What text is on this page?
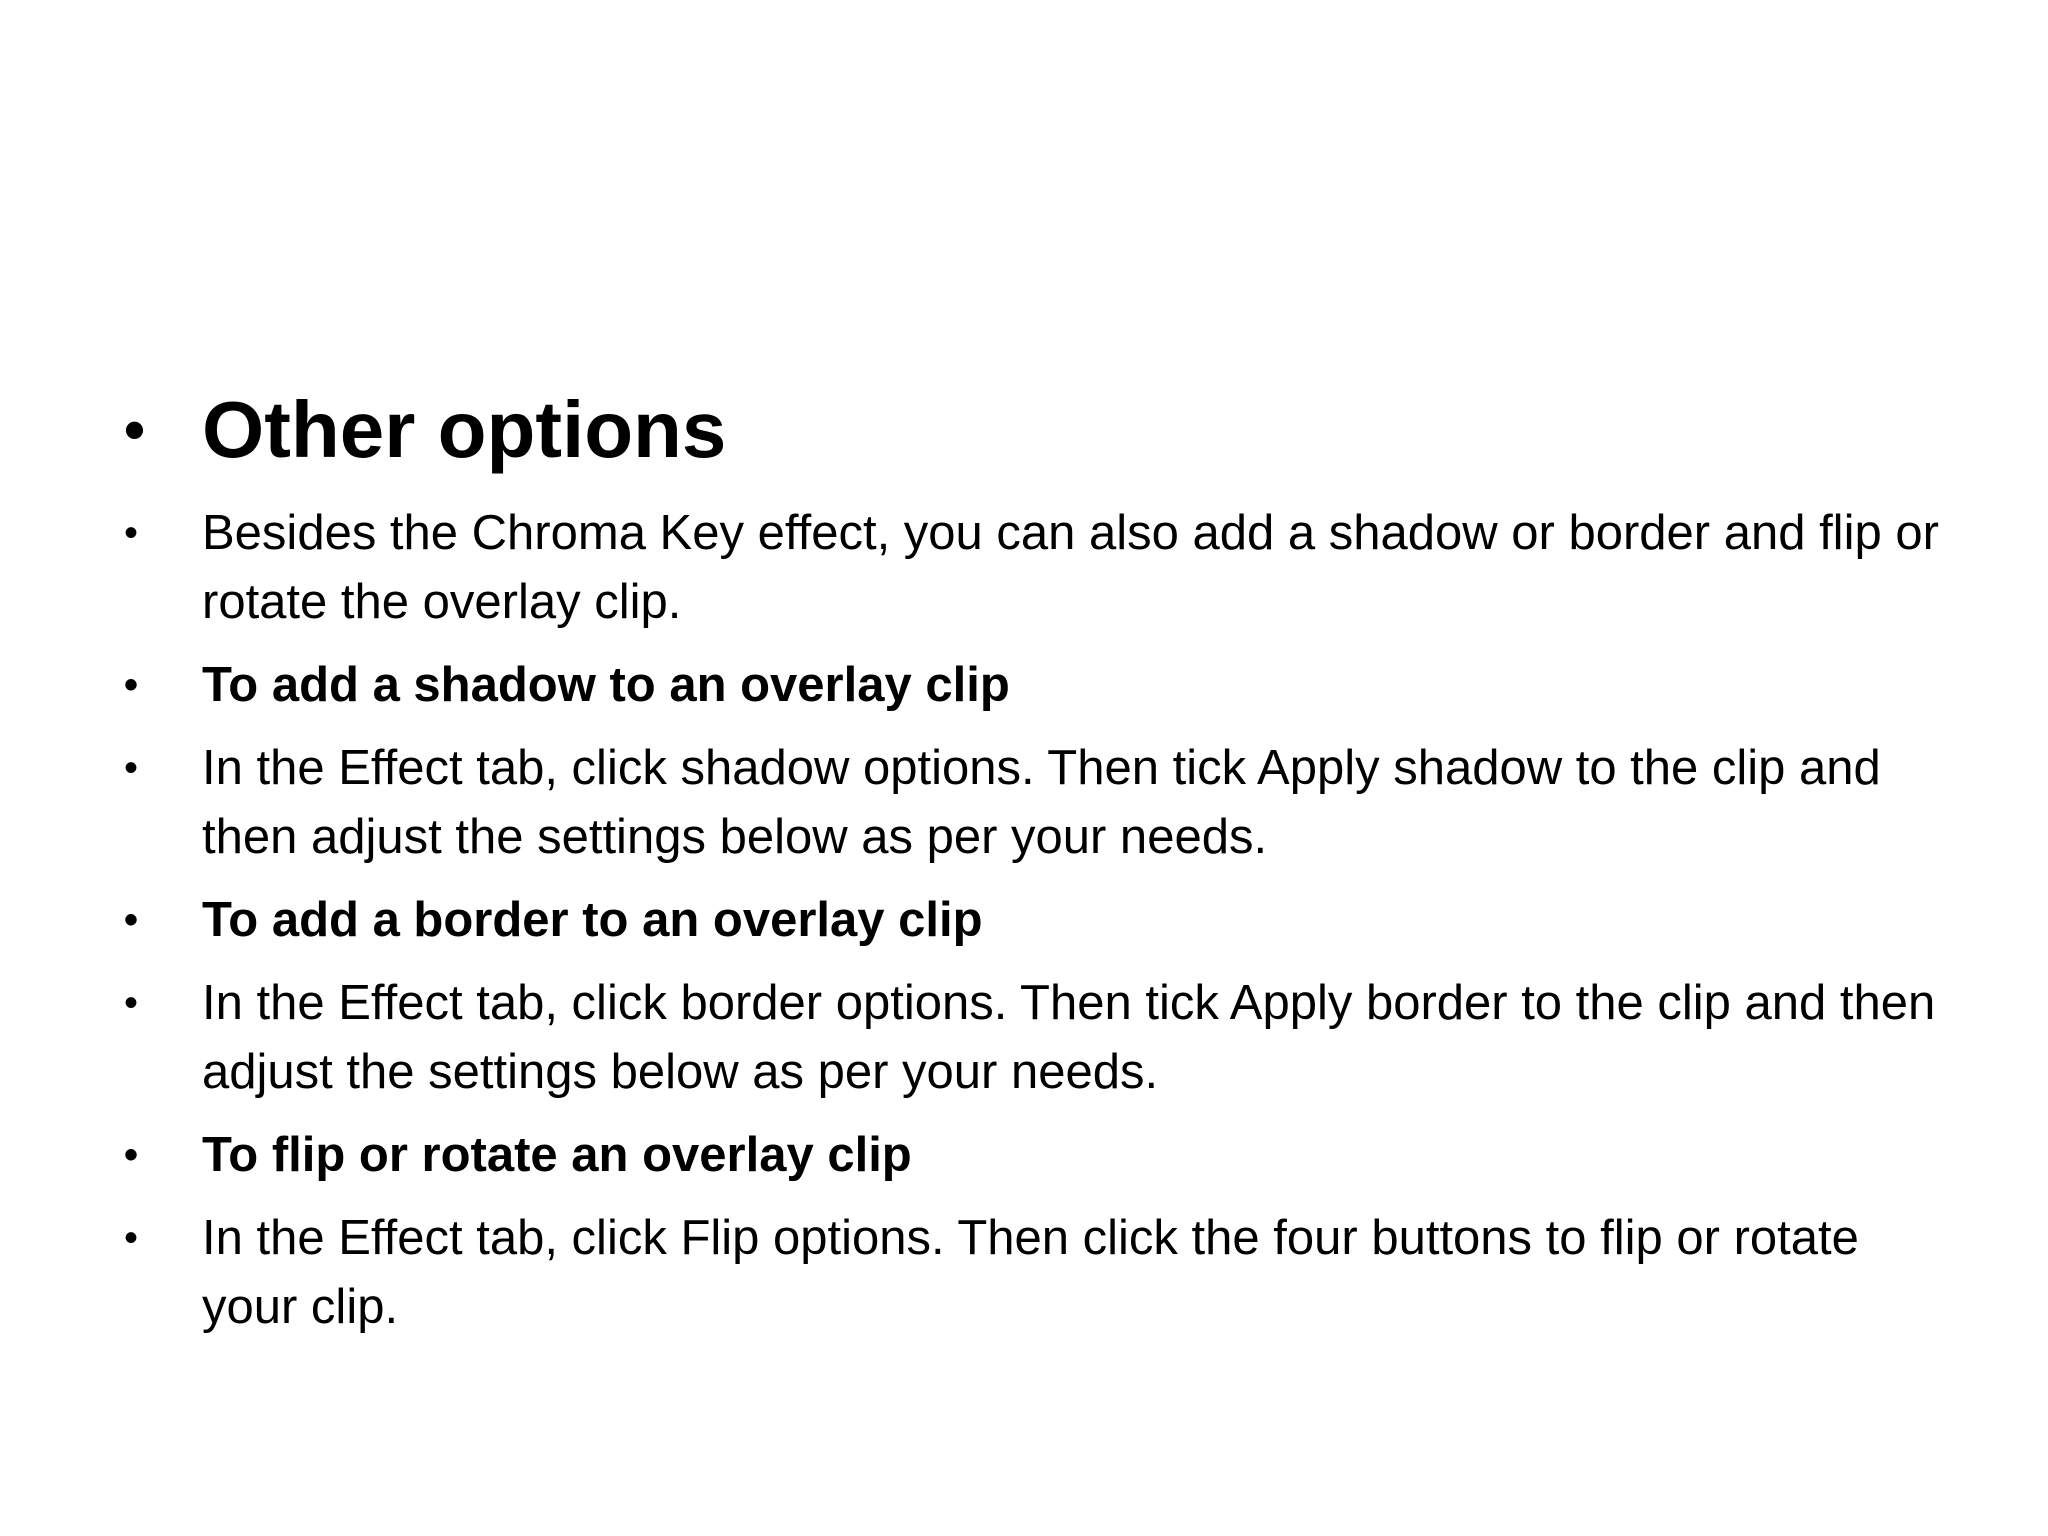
• Other options
•	Besides the Chroma Key effect, you can also add a shadow or border and flip or rotate the overlay clip.
•	To add a shadow to an overlay clip
•	In the Effect tab, click shadow options. Then tick Apply shadow to the clip and then adjust the settings below as per your needs.
•	To add a border to an overlay clip
•	In the Effect tab, click border options. Then tick Apply border to the clip and then adjust the settings below as per your needs.
•	To flip or rotate an overlay clip
•	In the Effect tab, click Flip options. Then click the four buttons to flip or rotate your clip.
